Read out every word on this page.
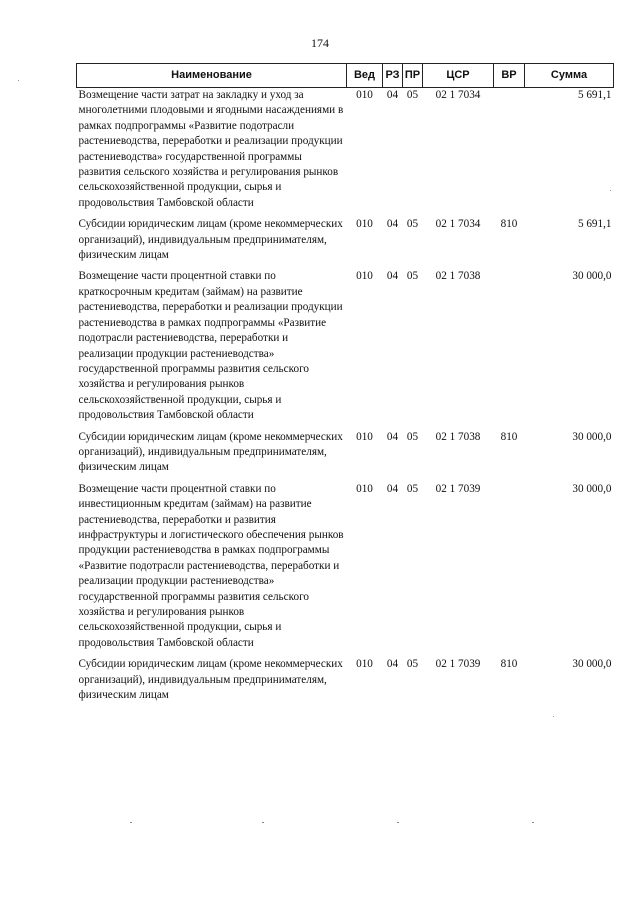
174
Наименование	Вед	РЗ	ПР	ЦСР	ВР	Сумма
Возмещение части затрат на закладку и уход за многолетними плодовыми и ягодными насаждениями в рамках подпрограммы «Развитие подотрасли растениеводства, переработки и реализации продукции растениеводства» государственной программы развития сельского хозяйства и регулирования рынков сельскохозяйственной продукции, сырья и продовольствия Тамбовской области	010	04	05	02 1 7034		5 691,1
Субсидии юридическим лицам (кроме некоммерческих организаций), индивидуальным предпринимателям, физическим лицам	010	04	05	02 1 7034	810	5 691,1
Возмещение части процентной ставки по краткосрочным кредитам (займам) на развитие растениеводства, переработки и реализации продукции растениеводства в рамках подпрограммы «Развитие подотрасли растениеводства, переработки и реализации продукции растениеводства» государственной программы развития сельского хозяйства и регулирования рынков сельскохозяйственной продукции, сырья и продовольствия Тамбовской области	010	04	05	02 1 7038		30 000,0
Субсидии юридическим лицам (кроме некоммерческих организаций), индивидуальным предпринимателям, физическим лицам	010	04	05	02 1 7038	810	30 000,0
Возмещение части процентной ставки по инвестиционным кредитам (займам) на развитие растениеводства, переработки и развития инфраструктуры и логистического обеспечения рынков продукции растениеводства в рамках подпрограммы «Развитие подотрасли растениеводства, переработки и реализации продукции растениеводства» государственной программы развития сельского хозяйства и регулирования рынков сельскохозяйственной продукции, сырья и продовольствия Тамбовской области	010	04	05	02 1 7039		30 000,0
Субсидии юридическим лицам (кроме некоммерческих организаций), индивидуальным предпринимателям, физическим лицам	010	04	05	02 1 7039	810	30 000,0
